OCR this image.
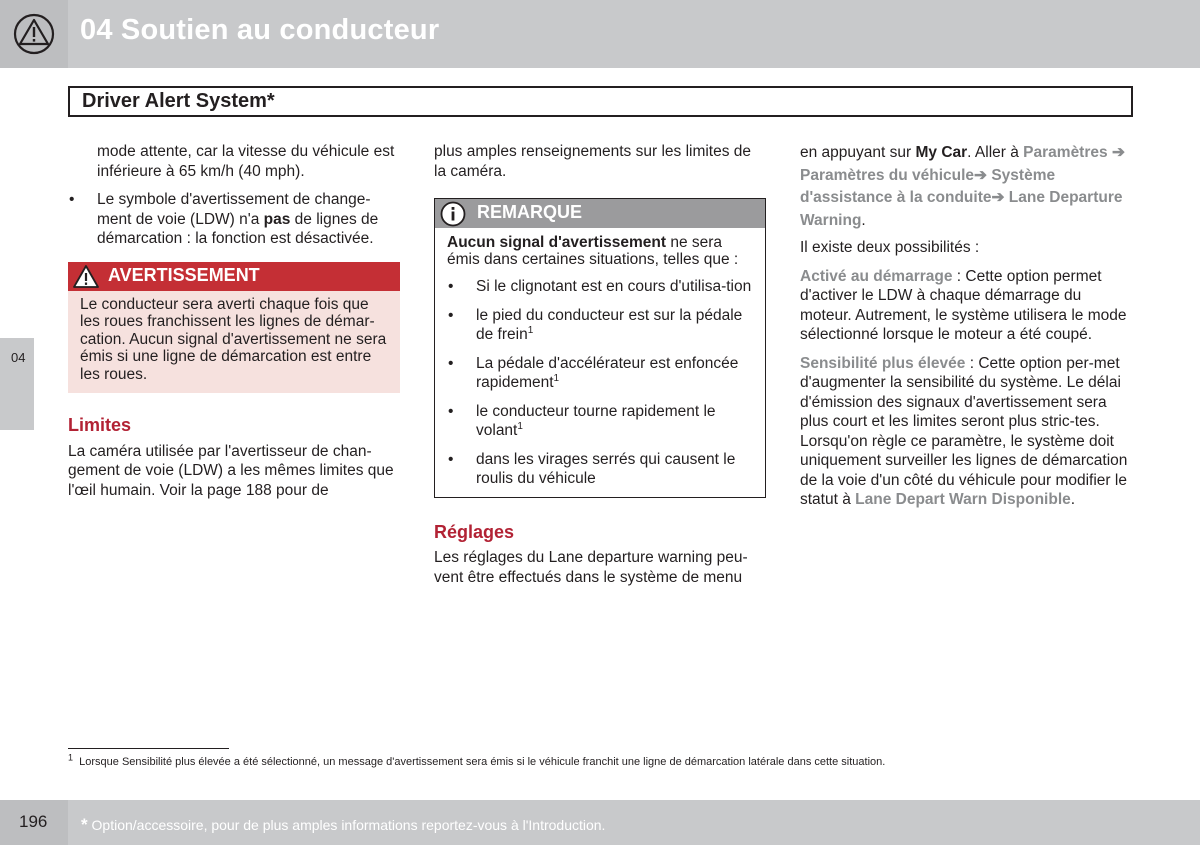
04 Soutien au conducteur
Driver Alert System*
04

mode attente, car la vitesse du véhicule est inférieure à 65 km/h (40 mph).

• Le symbole d'avertissement de change-ment de voie (LDW) n'a pas de lignes de démarcation : la fonction est désactivée.
AVERTISSEMENT
Le conducteur sera averti chaque fois que les roues franchissent les lignes de démar-cation. Aucun signal d'avertissement ne sera émis si une ligne de démarcation est entre les roues.
Limites

La caméra utilisée par l'avertisseur de chan-gement de voie (LDW) a les mêmes limites que l'œil humain. Voir la page 188 pour de

plus amples renseignements sur les limites de la caméra.

REMARQUE

Aucun signal d'avertissement ne sera émis dans certaines situations, telles que :

• Si le clignotant est en cours d'utilisa-tion
• le pied du conducteur est sur la pédale de frein$^1$
• La pédale d'accélérateur est enfoncée rapidement$^1$
• le conducteur tourne rapidement le volant$^1$
• dans les virages serrés qui causent le roulis du véhicule
Réglages

Les réglages du Lane departure warning peu-vent être effectués dans le système de menu

en appuyant sur My Car. Aller à Paramètres ➔ Paramètres du véhicule➔ Système d'assistance à la conduite➔ Lane Departure Warning.

Il existe deux possibilités :

Activé au démarrage : Cette option permet d'activer le LDW à chaque démarrage du moteur. Autrement, le système utilisera le mode sélectionné lorsque le moteur a été coupé.

Sensibilité plus élevée : Cette option per-met d'augmenter la sensibilité du système. Le délai d'émission des signaux d'avertissement sera plus court et les limites seront plus stric-tes. Lorsqu'on règle ce paramètre, le système doit uniquement surveiller les lignes de démarcation de la voie d'un côté du véhicule pour modifier le statut à Lane Depart Warn Disponible.

$^1$ Lorsque Sensibilité plus élevée a été sélectionné, un message d'avertissement sera émis si le véhicule franchit une ligne de démarcation latérale dans cette situation.
196 * Option/accessoire, pour de plus amples informations reportez-vous à l'Introduction.
